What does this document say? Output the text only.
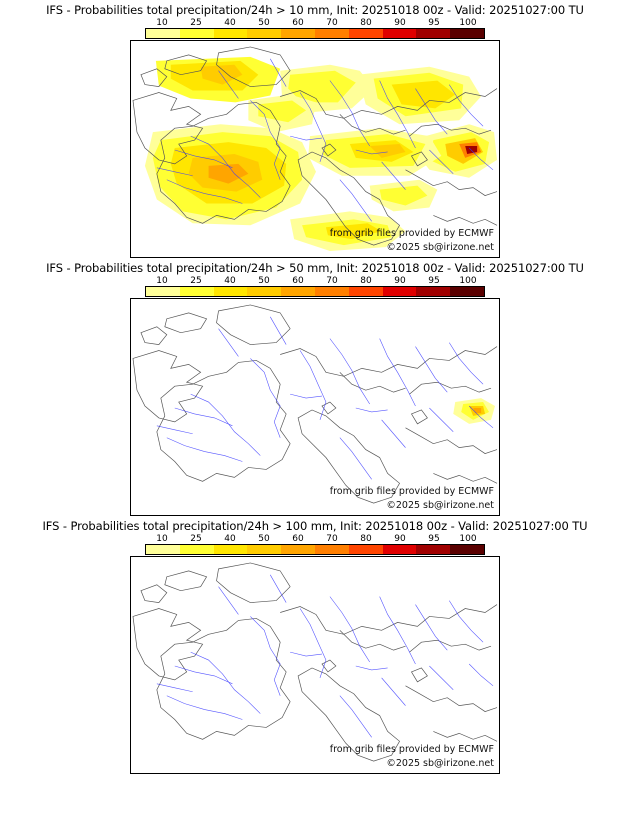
IFS - Probabilities total precipitation/24h > 10 mm, Init: 20251018 00z - Valid: 20251027:00 TU
10	25	40	50	60	70	80	90	95 100
from grib files provided by ECMWF
©2025 sb@irizone.net
IFS - Probabilities total precipitation/24h > 50 mm, Init: 20251018 00z - Valid: 20251027:00 TU
10	25	40	50	60	70	80	90	95 100
from grib files provided by ECMWF
©2025 sb@irizone.net
IFS - Probabilities total precipitation/24h > 100 mm, Init: 20251018 00z - Valid: 20251027:00 TU
10	25	40	50	60	70	80	90	95 100
from grib files provided by ECMWF
©2025 sb@irizone.net
